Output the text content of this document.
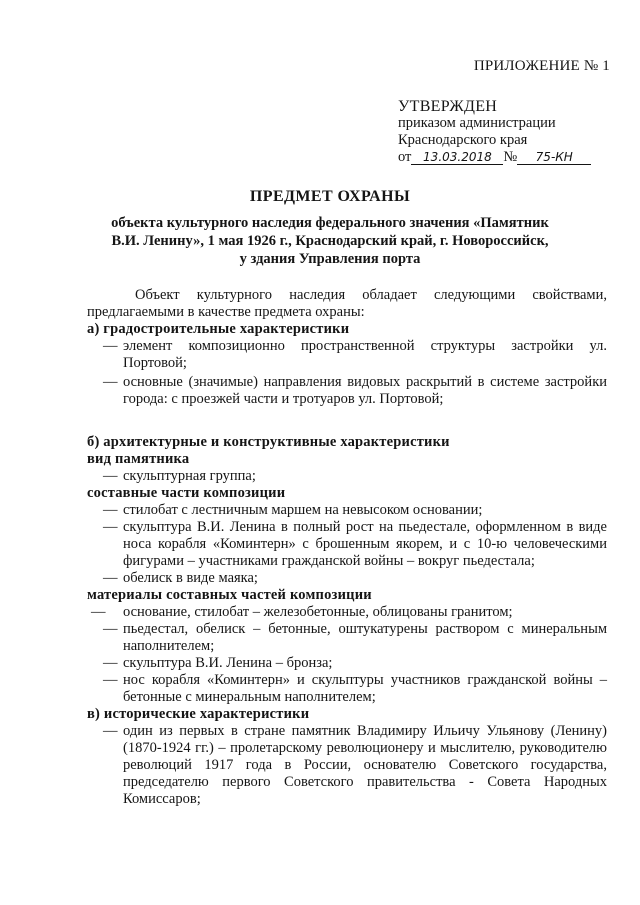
ПРИЛОЖЕНИЕ № 1
УТВЕРЖДЕН
приказом администрации
Краснодарского края
от 13.03.2018 № 75-КН
ПРЕДМЕТ ОХРАНЫ
объекта культурного наследия федерального значения «Памятник
В.И. Ленину», 1 мая 1926 г., Краснодарский край, г. Новороссийск,
у здания Управления порта

Объект культурного наследия обладает следующими свойствами, предлагаемыми в качестве предмета охраны:

а) градостроительные характеристики

— элемент композиционно пространственной структуры застройки ул. Портовой;

— основные (значимые) направления видовых раскрытий в системе застройки города: с проезжей части и тротуаров ул. Портовой;

б) архитектурные и конструктивные характеристики

вид памятника

— скульптурная группа;

составные части композиции

— стилобат с лестничным маршем на невысоком основании;

— скульптура В.И. Ленина в полный рост на пьедестале, оформленном в виде носа корабля «Коминтерн» с брошенным якорем, и с 10-ю человеческими фигурами – участниками гражданской войны – вокруг пьедестала;

— обелиск в виде маяка;

материалы составных частей композиции

— основание, стилобат – железобетонные, облицованы гранитом;

— пьедестал, обелиск – бетонные, оштукатурены раствором с минеральным наполнителем;

— скульптура В.И. Ленина – бронза;

— нос корабля «Коминтерн» и скульптуры участников гражданской войны – бетонные с минеральным наполнителем;

в) исторические характеристики

— один из первых в стране памятник Владимиру Ильичу Ульянову (Ленину) (1870-1924 гг.) – пролетарскому революционеру и мыслителю, руководителю революций 1917 года в России, основателю Советского государства, председателю первого Советского правительства - Совета Народных Комиссаров;
